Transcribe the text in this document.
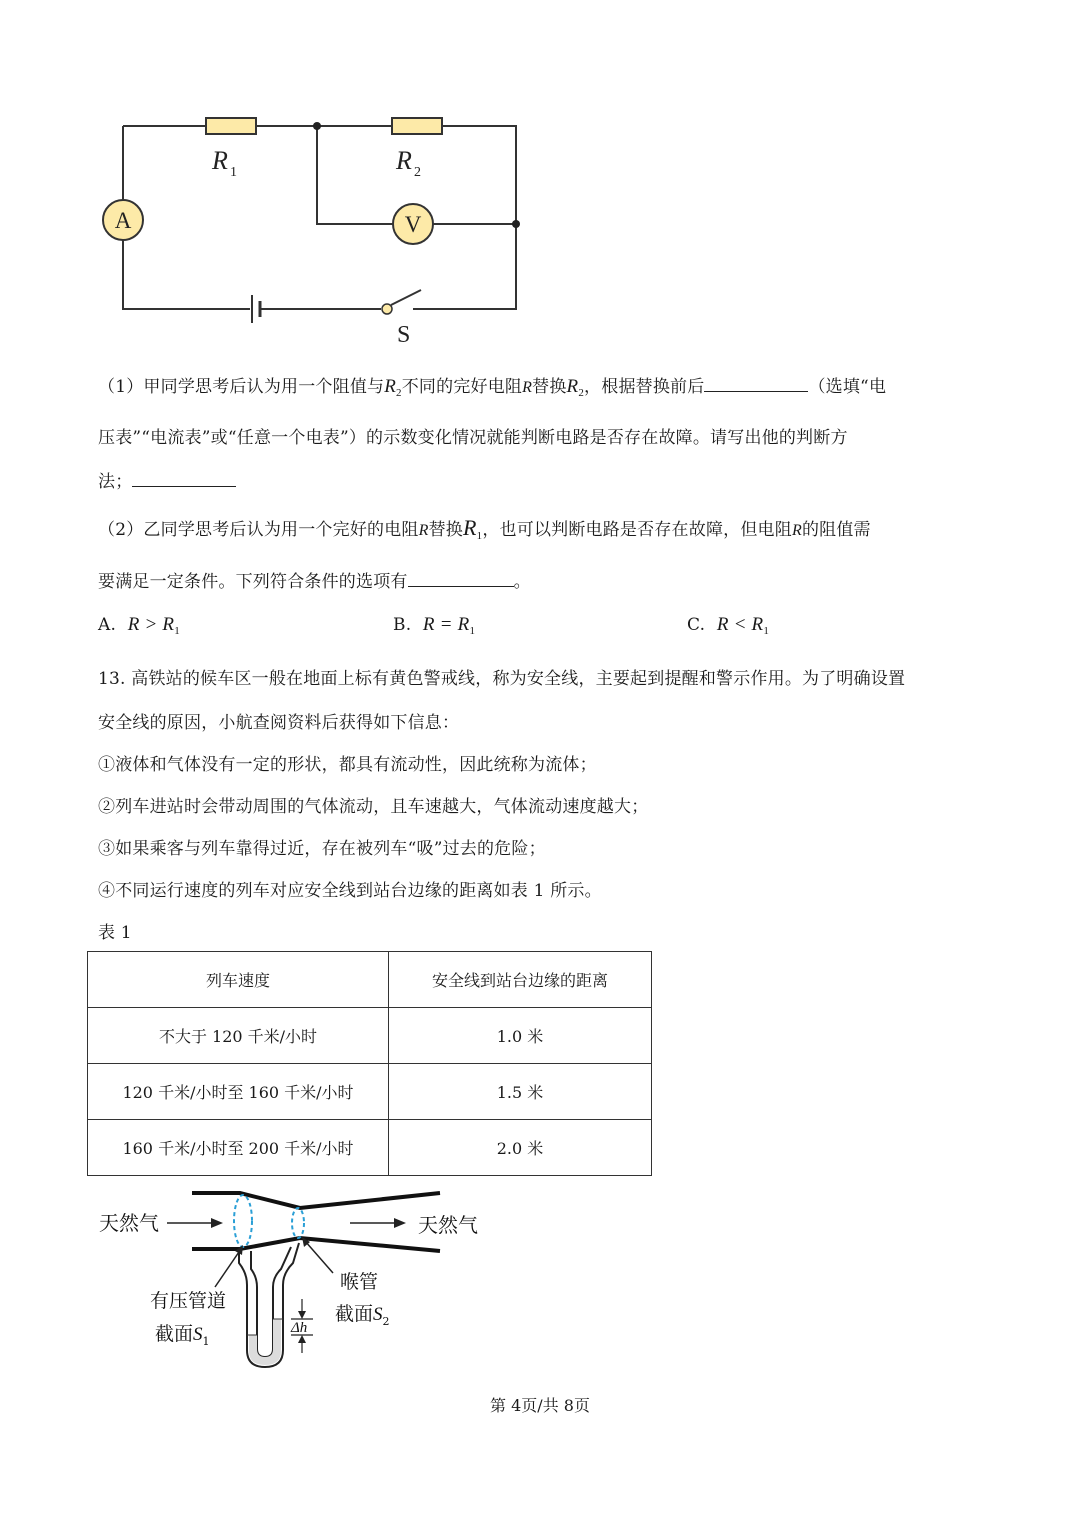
A	V
R 1	R 2
S
（1）甲同学思考后认为用一个阻值与$R_2$不同的完好电阻R替换$R_2$，根据替换前后	（选填“电
压表”“电流表”或“任意一个电表”）的示数变化情况就能判断电路是否存在故障。请写出他的判断方
法；
（2）乙同学思考后认为用一个完好的电阻R替换$R_1$，也可以判断电路是否存在故障，但电阻R的阻值需
要满足一定条件。下列符合条件的选项有	。
A. $R > R_1$	B. $R = R_1$	C. $R < R_1$
13. 高铁站的候车区一般在地面上标有黄色警戒线，称为安全线，主要起到提醒和警示作用。为了明确设置
安全线的原因，小航查阅资料后获得如下信息：
①液体和气体没有一定的形状，都具有流动性，因此统称为流体；
②列车进站时会带动周围的气体流动，且车速越大，气体流动速度越大；
③如果乘客与列车靠得过近，存在被列车“吸”过去的危险；
④不同运行速度的列车对应安全线到站台边缘的距离如表 1 所示。
表 1
列车速度	安全线到站台边缘的距离
不大于 120 千米/小时	1.0 米
120 千米/小时至 160 千米/小时	1.5 米
160 千米/小时至 200 千米/小时	2.0 米
Δh
天然气	天然气
有压管道
截面$S_1$
喉管
截面$S_2$
第 4页/共 8页
